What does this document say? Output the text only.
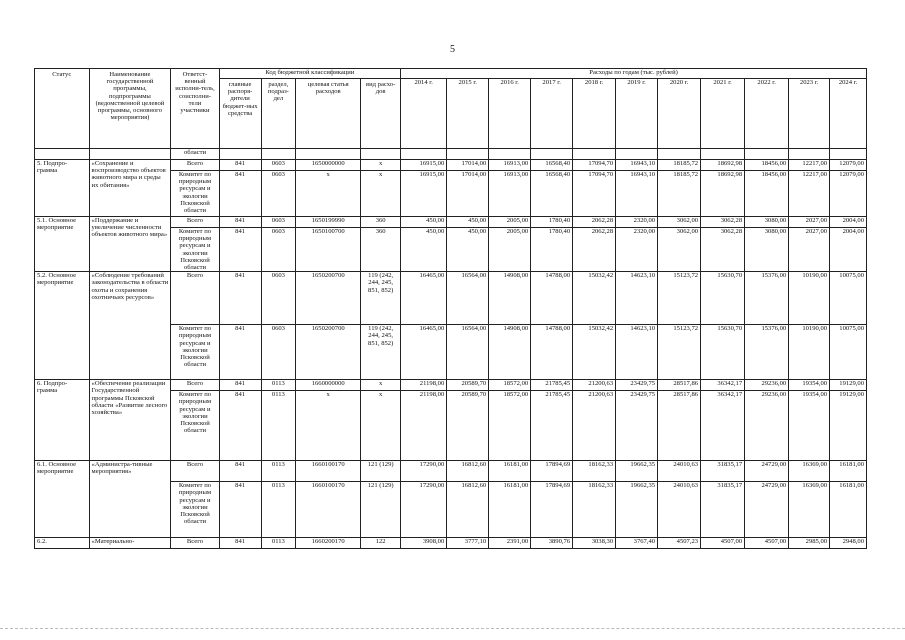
5
Статус	Наименование государственной программы, подпрограммы (ведомственной целевой программы, основного мероприятия)	Ответст-венный исполни-тель, соисполни-тели участники	Код бюджетной классификации				Расходы по годам (тыс. рублей)										
			главные распоря-дители бюджет-ных средства	раздел, подраз-дел	целевая статья расходов	вид расхо-дов	2014 г.	2015 г.	2016 г.	2017 г.	2018 г.	2019 г.	2020 г.	2021 г.	2022 г.	2023 г.	2024 г.
		области															
5. Подпро-грамма	«Сохранение и воспроизводство объектов животного мира и среды их обитания»	Всего	841	0603	1650000000	х	16915,00	17014,00	16913,00	16568,40	17094,70	16943,10	18185,72	18692,98	18456,00	12217,00	12079,00
		Комитет по природным ресурсам и экологии Псковской области	841	0603	х	х	16915,00	17014,00	16913,00	16568,40	17094,70	16943,10	18185,72	18692,98	18456,00	12217,00	12079,00
5.1. Основное мероприятие	«Поддержание и увеличение численности объектов животного мира»	Всего	841	0603	1650199990	360	450,00	450,00	2005,00	1780,40	2062,28	2320,00	3062,00	3062,28	3080,00	2027,00	2004,00
		Комитет по природным ресурсам и экологии Псковской области	841	0603	1650100700	360	450,00	450,00	2005,00	1780,40	2062,28	2320,00	3062,00	3062,28	3080,00	2027,00	2004,00
5.2. Основное мероприятие	«Соблюдение требований законодательства в области охоты и сохранения охотничьих ресурсов»	Всего	841	0603	1650200700	119 (242, 244, 245, 851, 852)	16465,00	16564,00	14908,00	14788,00	15032,42	14623,10	15123,72	15630,70	15376,00	10190,00	10075,00
		Комитет по природным ресурсам и экологии Псковской области	841	0603	1650200700	119 (242, 244, 245, 851, 852)	16465,00	16564,00	14908,00	14788,00	15032,42	14623,10	15123,72	15630,70	15376,00	10190,00	10075,00
6. Подпро-грамма	«Обеспечение реализации Государственной программы Псковской области «Развитие лесного хозяйства»	Всего	841	0113	1660000000	х	21198,00	20589,70	18572,00	21785,45	21200,63	23429,75	28517,86	36342,17	29236,00	19354,00	19129,00
		Комитет по природным ресурсам и экологии Псковской области	841	0113	х	х	21198,00	20589,70	18572,00	21785,45	21200,63	23429,75	28517,86	36342,17	29236,00	19354,00	19129,00
6.1. Основное мероприятие	«Администра-тивные мероприятия»	Всего	841	0113	1660100170	121 (129)	17290,00	16812,60	16181,00	17894,69	18162,33	19662,35	24010,63	31835,17	24729,00	16369,00	16181,00
		Комитет по природным ресурсам и экологии Псковской области	841	0113	1660100170	121 (129)	17290,00	16812,60	16181,00	17894,69	18162,33	19662,35	24010,63	31835,17	24729,00	16369,00	16181,00
6.2.	«Материально-	Всего	841	0113	1660200170	122	3908,00	3777,10	2391,00	3890,76	3038,30	3767,40	4507,23	4507,00	4507,00	2985,00	2948,00
